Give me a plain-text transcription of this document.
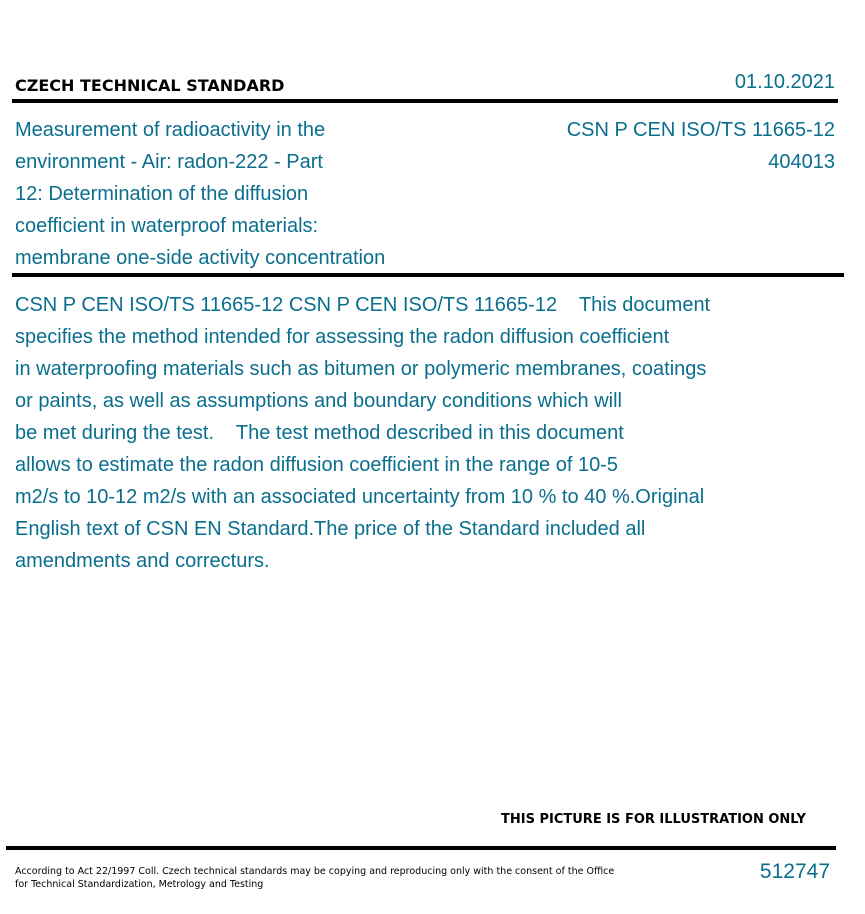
CZECH TECHNICAL STANDARD	01.10.2021
Measurement of radioactivity in the
environment - Air: radon-222 - Part
12: Determination of the diffusion
coefficient in waterproof materials:
membrane one-side activity concentration
CSN P CEN ISO/TS 11665-12
404013
CSN P CEN ISO/TS 11665-12 CSN P CEN ISO/TS 11665-12    This document
specifies the method intended for assessing the radon diffusion coefficient
in waterproofing materials such as bitumen or polymeric membranes, coatings
or paints, as well as assumptions and boundary conditions which will
be met during the test.    The test method described in this document
allows to estimate the radon diffusion coefficient in the range of 10-5
m2/s to 10-12 m2/s with an associated uncertainty from 10 % to 40 %.Original
English text of CSN EN Standard.The price of the Standard included all
amendments and correcturs.
THIS PICTURE IS FOR ILLUSTRATION ONLY
According to Act 22/1997 Coll. Czech technical standards may be copying and reproducing only with the consent of the Office
for Technical Standardization, Metrology and Testing
512747
